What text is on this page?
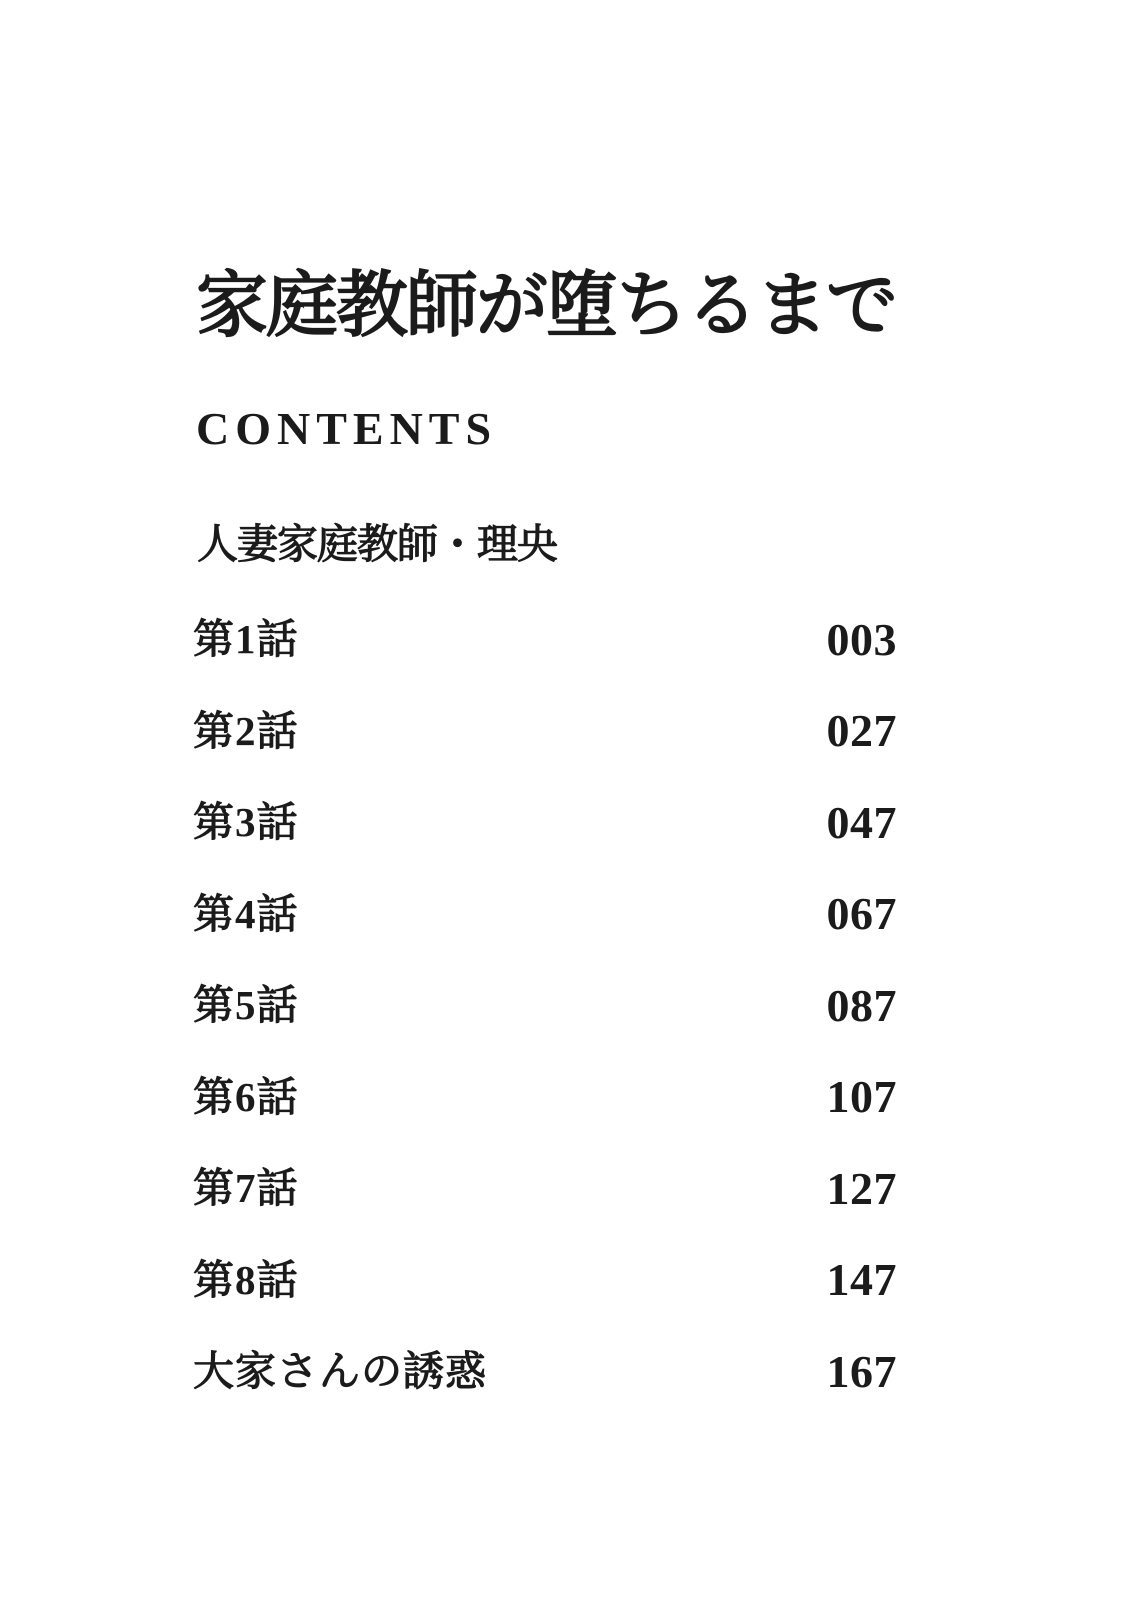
家庭教師が堕ちるまで
CONTENTS
人妻家庭教師・理央
第1話	003
第2話	027
第3話	047
第4話	067
第5話	087
第6話	107
第7話	127
第8話	147
大家さんの誘惑	167
